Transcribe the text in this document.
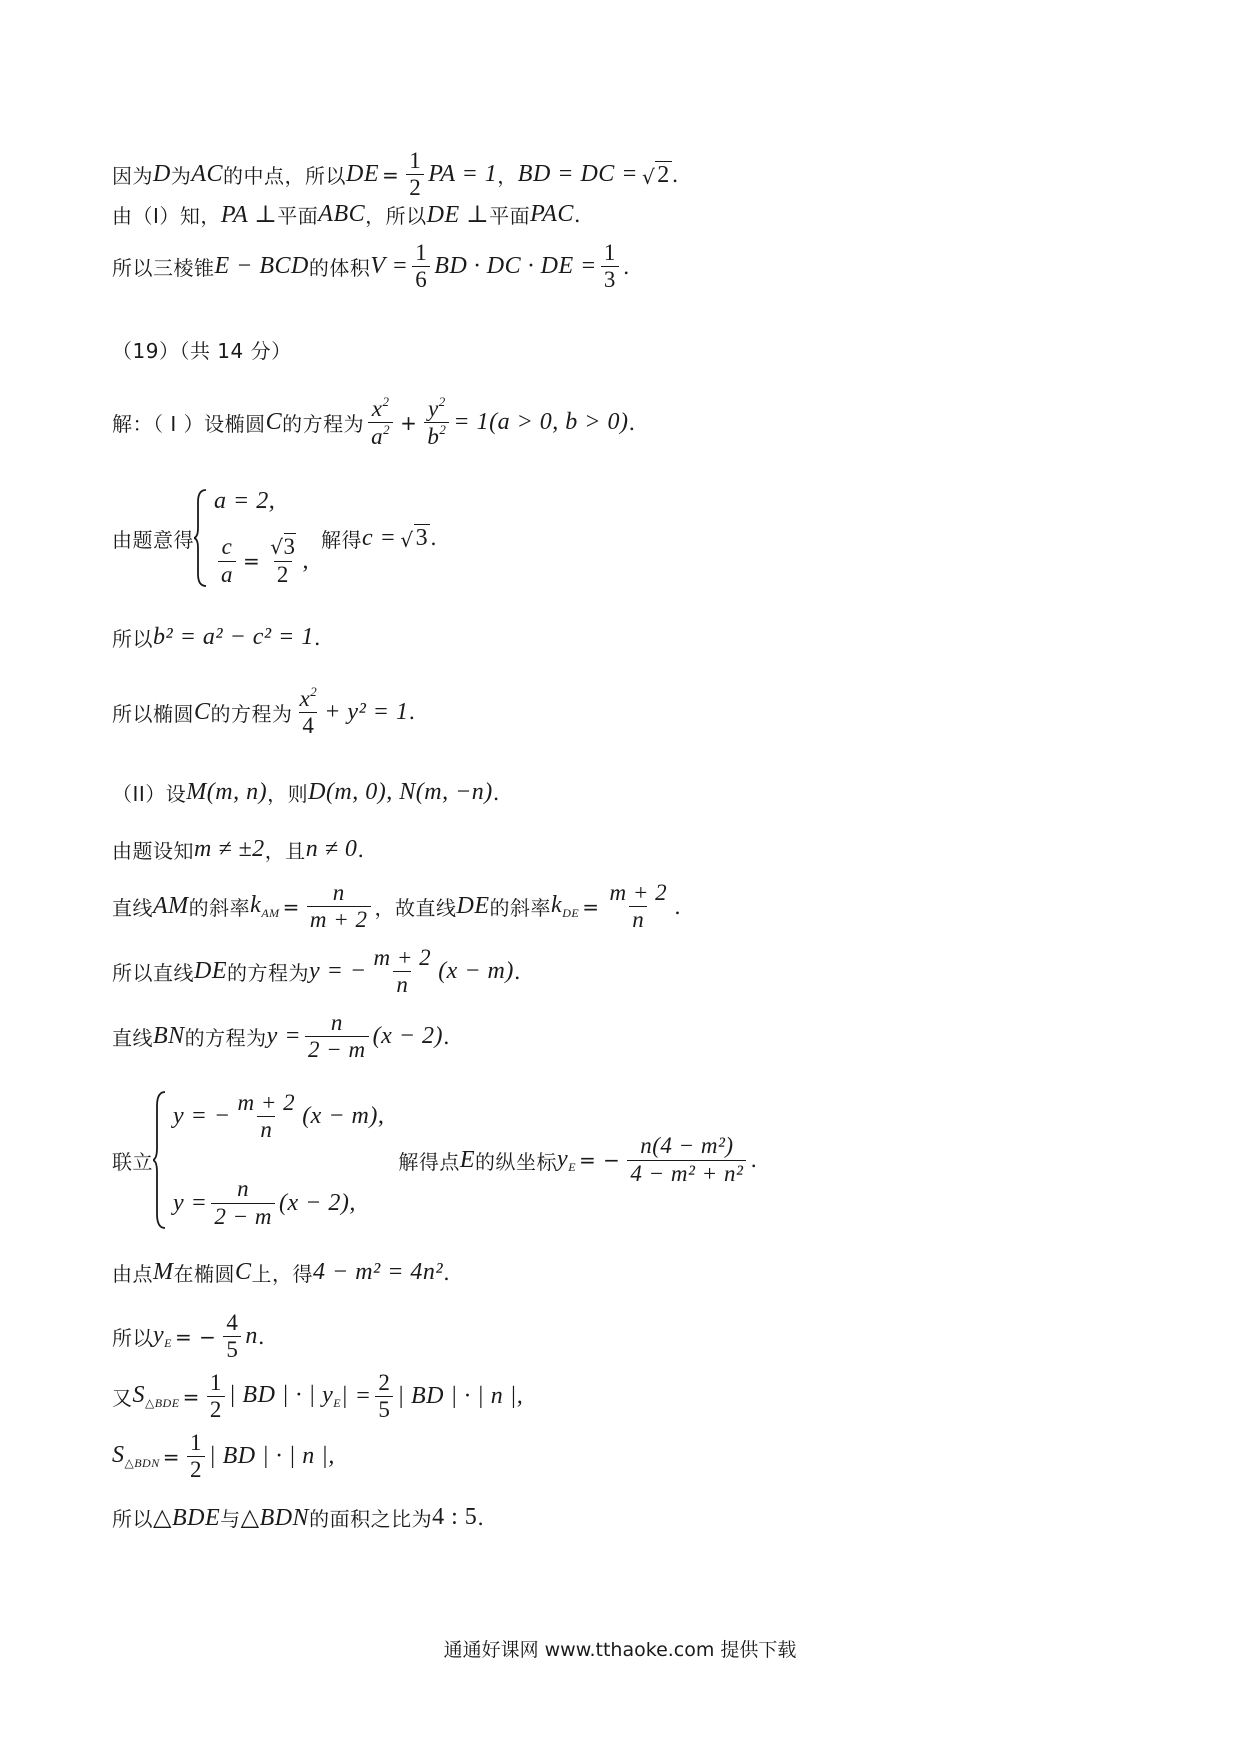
因为 D 为 AC 的中点，所以 DE = $\frac{1}{2}$ PA = 1 ， BD = DC = √ 2 .
由（I）知， PA ⊥ 平面 ABC ，所以 DE ⊥ 平面 PAC .
所以三棱锥 E − BCD 的体积 $V = \frac{1}{6}$ BD · DC · DE = $\frac{1}{3}$ .
（19）（共 14 分）
解：（ I ）设椭圆 C 的方程为 $\frac{x^2}{a^2} + \frac{y^2}{b^2} = 1(a > 0$, b > 0) .
由题意得
a = 2,
$\frac{c}{a} = \frac{√3}{2}$ ,
解得 c = √ 3 .
所以 b² = a² − c² = 1 .
所以椭圆 C 的方程为 $\frac{x^2}{4} + y^2 = 1$ .
（II）设 M(m, n) ，则 D(m, 0), N(m, −n) .
由题设知 m ≠ ±2 ，且 n ≠ 0 .
直线 AM 的斜率 $k_{AM} = \frac{n}{m + 2}$ ，故直线 DE 的斜率 $k_{DE} = \frac{m + 2}{n}$ .
所以直线 DE 的方程为 y = − $\frac{m + 2}{n} (x - m)$ .
直线 BN 的方程为 $y = \frac{n}{2 - m} (x - 2)$ .
联立
y = − $\frac{m + 2}{n} (x - m)$,
$y = \frac{n}{2 - m} (x - 2)$,
解得点 E 的纵坐标 $y_E$ = − $\frac{\text{n(4 − m²)}}{\text{4 − m² + n²}}$ .
由点 M 在椭圆 C 上，得 4 − m² = 4n² .
所以 $y_E$ = − $\frac{4}{5}$ n .
又 $S_{\triangle BDE} = \frac{1}{2}$ | BD | · | $y_E$ | = $\frac{2}{5}$ | BD | · | n |,
$S_{\triangle BDN} = \frac{1}{2}$ | BD | · | n |,
所以 △BDE 与 △BDN 的面积之比为 4 : 5 .
通通好课网 www.tthaoke.com 提供下载
